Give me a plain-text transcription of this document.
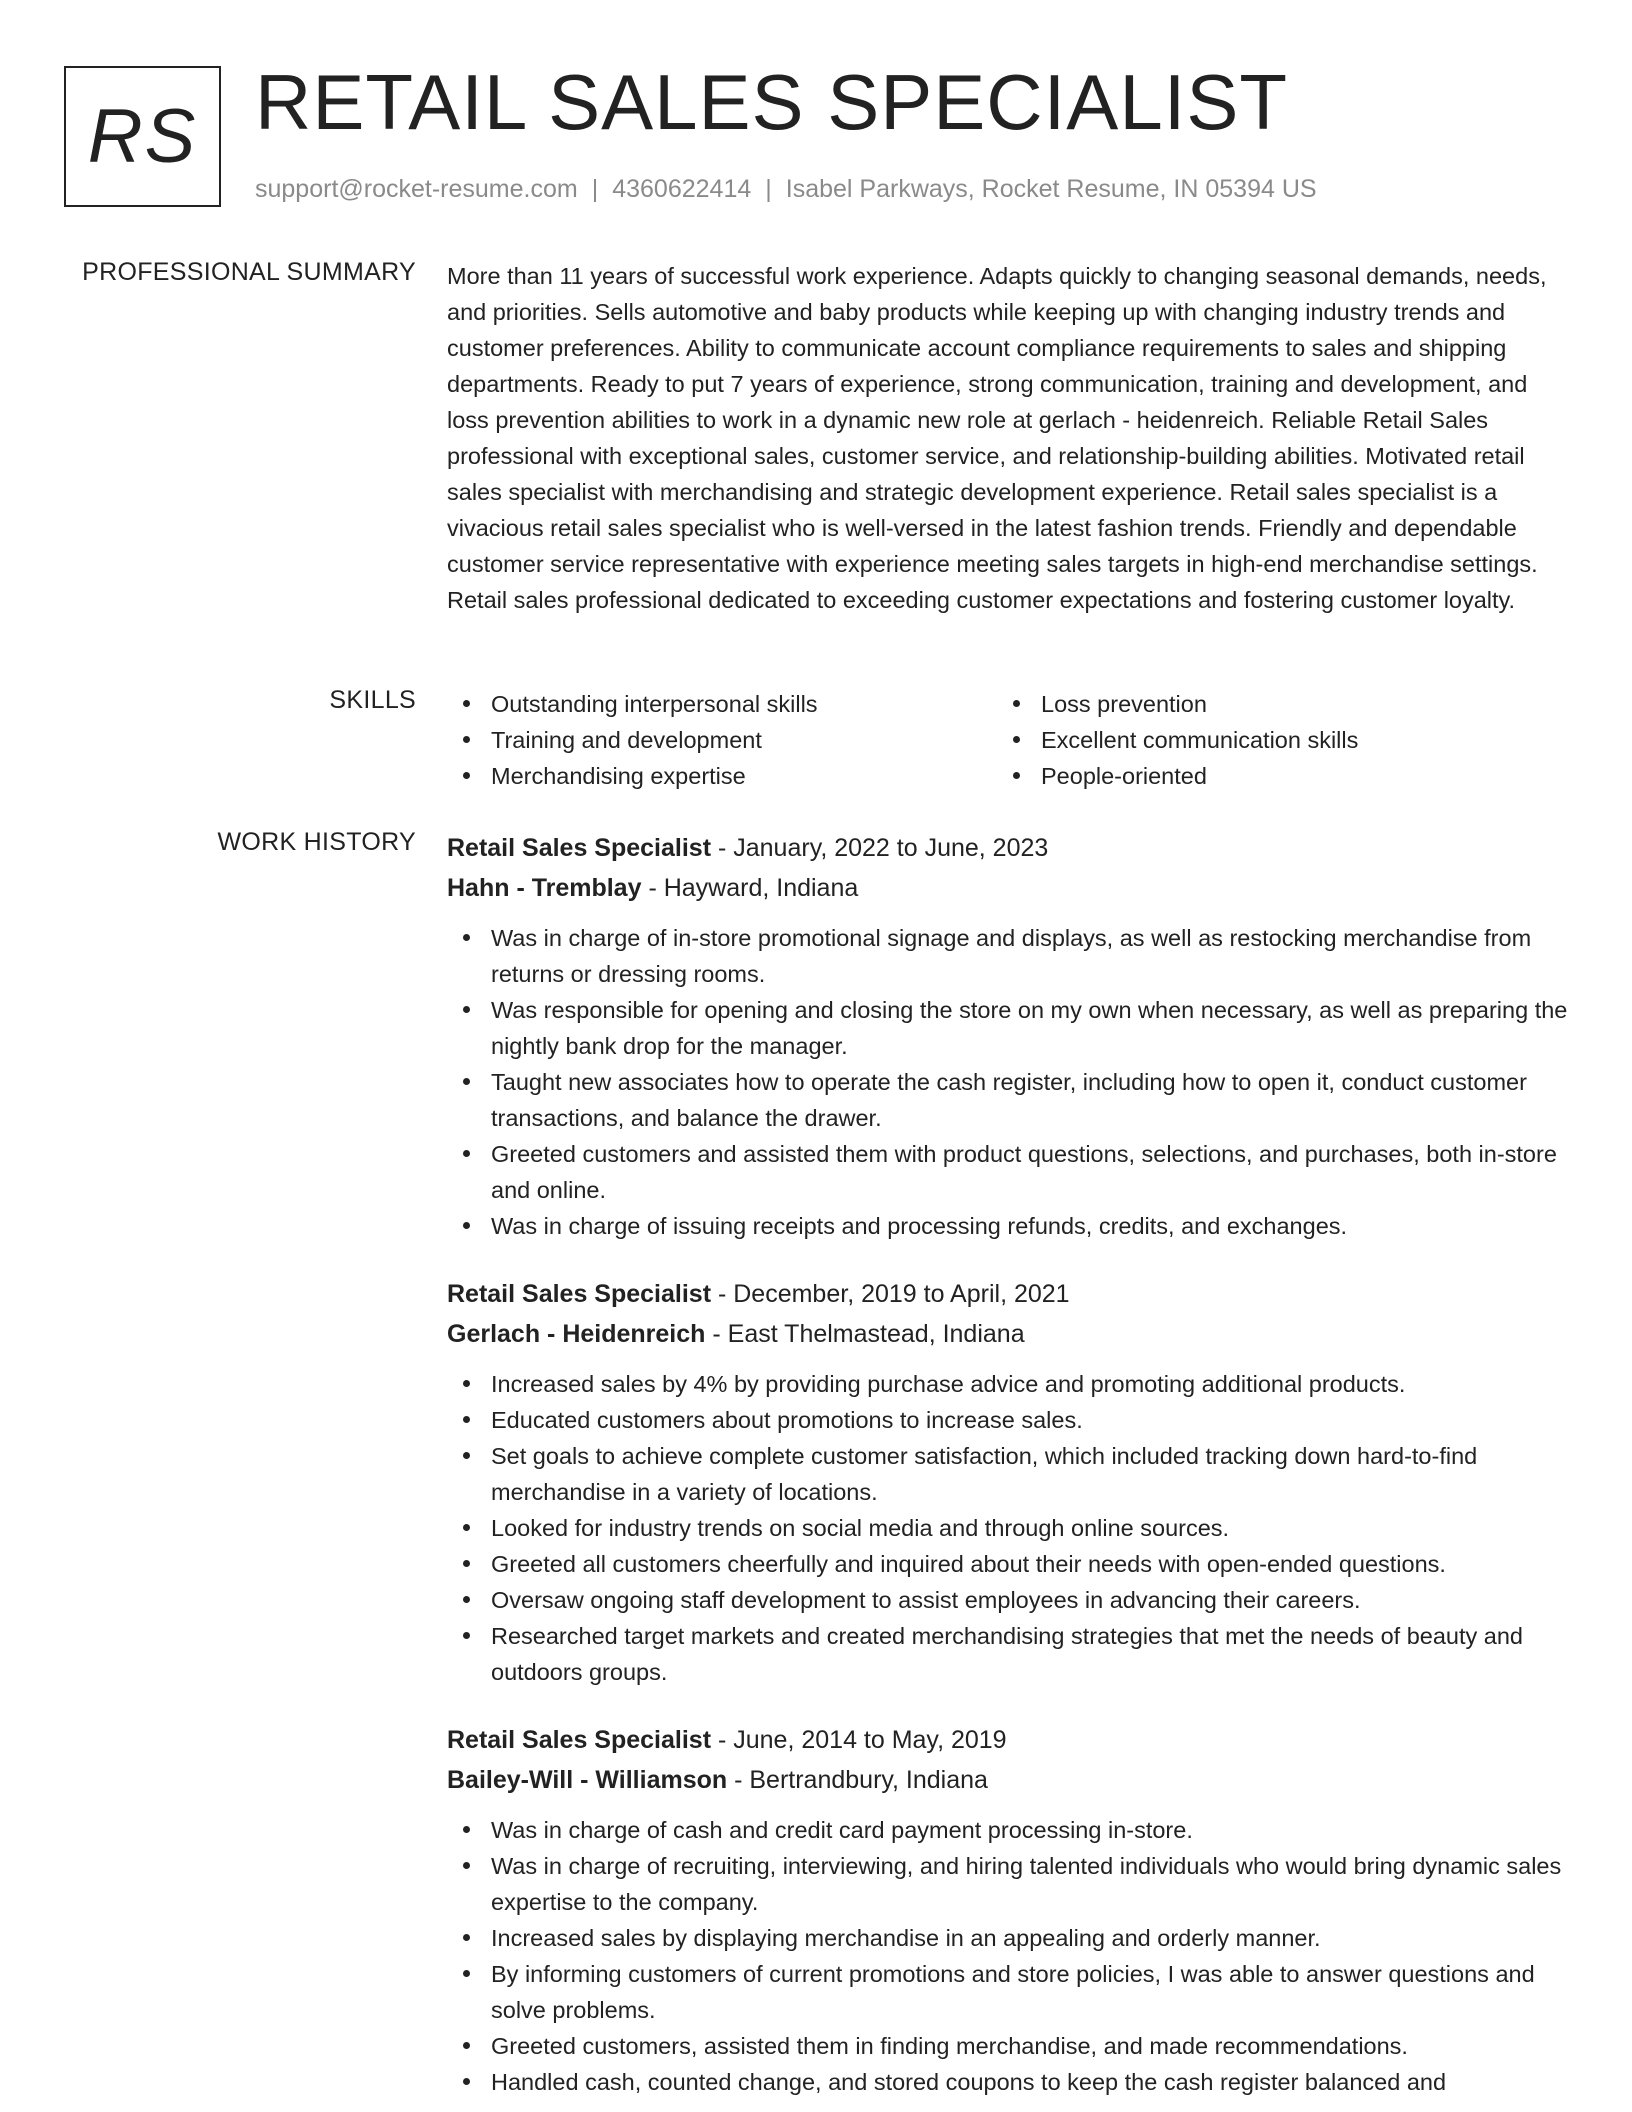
RS RETAIL SALES SPECIALIST
support@rocket-resume.com | 4360622414 | Isabel Parkways, Rocket Resume, IN 05394 US
PROFESSIONAL SUMMARY More than 11 years of successful work experience. Adapts quickly to changing seasonal demands, needs, and priorities. Sells automotive and baby products while keeping up with changing industry trends and customer preferences. Ability to communicate account compliance requirements to sales and shipping departments. Ready to put 7 years of experience, strong communication, training and development, and loss prevention abilities to work in a dynamic new role at gerlach - heidenreich. Reliable Retail Sales professional with exceptional sales, customer service, and relationship-building abilities. Motivated retail sales specialist with merchandising and strategic development experience. Retail sales specialist is a vivacious retail sales specialist who is well-versed in the latest fashion trends. Friendly and dependable customer service representative with experience meeting sales targets in high-end merchandise settings. Retail sales professional dedicated to exceeding customer expectations and fostering customer loyalty.

SKILLS	Outstanding interpersonal skills
Training and development
Merchandising expertise
Loss prevention
Excellent communication skills
People-oriented
WORK HISTORY Retail Sales Specialist - January, 2022 to June, 2023
Hahn - Tremblay - Hayward, Indiana
Was in charge of in-store promotional signage and displays, as well as restocking merchandise from returns or dressing rooms.
Was responsible for opening and closing the store on my own when necessary, as well as preparing the nightly bank drop for the manager.
Taught new associates how to operate the cash register, including how to open it, conduct customer transactions, and balance the drawer.
Greeted customers and assisted them with product questions, selections, and purchases, both in-store and online.
Was in charge of issuing receipts and processing refunds, credits, and exchanges.
Retail Sales Specialist - December, 2019 to April, 2021
Gerlach - Heidenreich - East Thelmastead, Indiana
Increased sales by 4% by providing purchase advice and promoting additional products.
Educated customers about promotions to increase sales.
Set goals to achieve complete customer satisfaction, which included tracking down hard-to-find merchandise in a variety of locations.
Looked for industry trends on social media and through online sources.
Greeted all customers cheerfully and inquired about their needs with open-ended questions.
Oversaw ongoing staff development to assist employees in advancing their careers.
Researched target markets and created merchandising strategies that met the needs of beauty and outdoors groups.
Retail Sales Specialist - June, 2014 to May, 2019
Bailey-Will - Williamson - Bertrandbury, Indiana
Was in charge of cash and credit card payment processing in-store.
Was in charge of recruiting, interviewing, and hiring talented individuals who would bring dynamic sales expertise to the company.
Increased sales by displaying merchandise in an appealing and orderly manner.
By informing customers of current promotions and store policies, I was able to answer questions and solve problems.
Greeted customers, assisted them in finding merchandise, and made recommendations.
Handled cash, counted change, and stored coupons to keep the cash register balanced and
